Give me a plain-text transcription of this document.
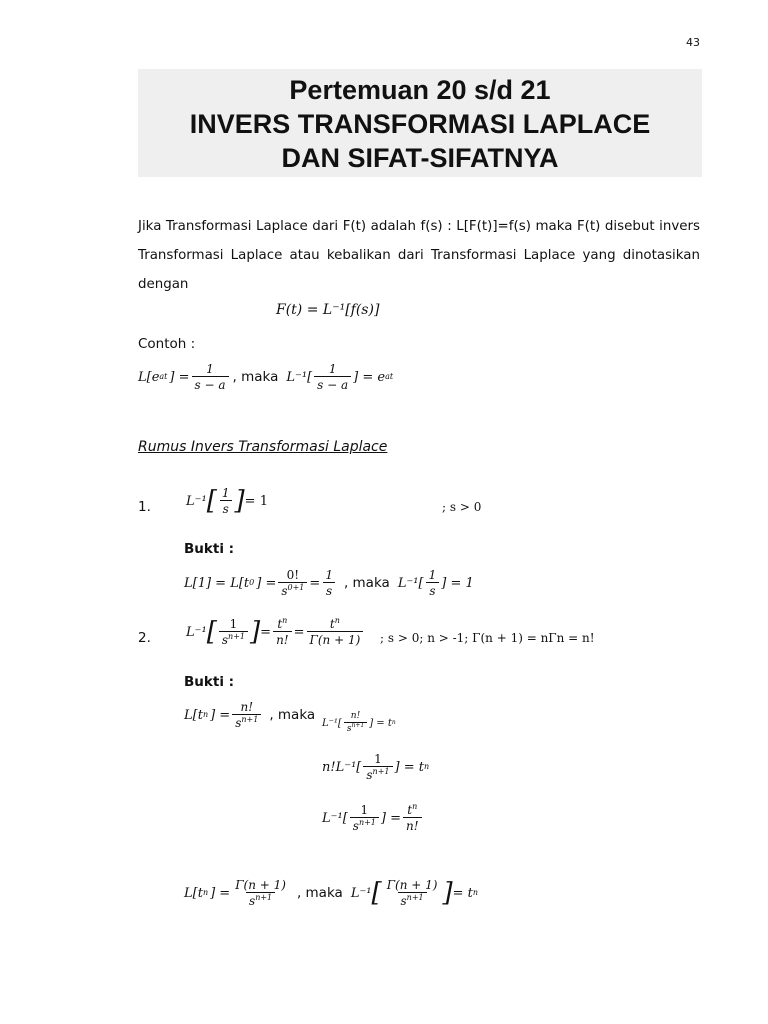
43
Pertemuan 20 s/d 21
INVERS TRANSFORMASI LAPLACE
DAN SIFAT-SIFATNYA
Jika Transformasi Laplace dari F(t) adalah f(s) : L[F(t)]=f(s) maka F(t) disebut invers Transformasi Laplace atau kebalikan dari Transformasi Laplace yang dinotasikan dengan
F(t) = L⁻¹[f(s)]
Contoh :
L[e at ] = $\frac{1}{s - a}$ , maka $L^{-1}[ \frac{1}{s - a}$ ] = e at
Rumus Invers Transformasi Laplace
1.	L⁻¹ [ $\frac{1}{s}$ ] = 1	; s > 0
Bukti :
L[1] = L[t 0 ] = $\frac{0!}{s^{0+1}} = \frac{1}{s}$ , maka $L^{-1}[ \frac{1}{s}$ ] = 1
2.	L⁻¹ [ $\frac{1}{s^{n+1}}$ ] = $\frac{t^n}{n!} = \frac{t^n}{\Gamma(n + 1)}$ ; s > 0; n > -1; Γ(n + 1) = nΓn = n!
Bukti :
L[t n ] = $\frac{n!}{s^{n+1}}$ , maka $L^{-1}[ \frac{n!}{s^{n+1}}$ ] = t n
$n!L^{-1}[ \frac{1}{s^{n+1}}$ ] = t n
$L^{-1}[ \frac{1}{s^{n+1}}$ ] = $\frac{t^n}{n!}$
L[t n ] = $\frac{\Gamma(n + 1)}{s^{n+1}}$ , maka L⁻¹ [ $\frac{\Gamma(n + 1)}{s^{n+1}}$ ] = t n
